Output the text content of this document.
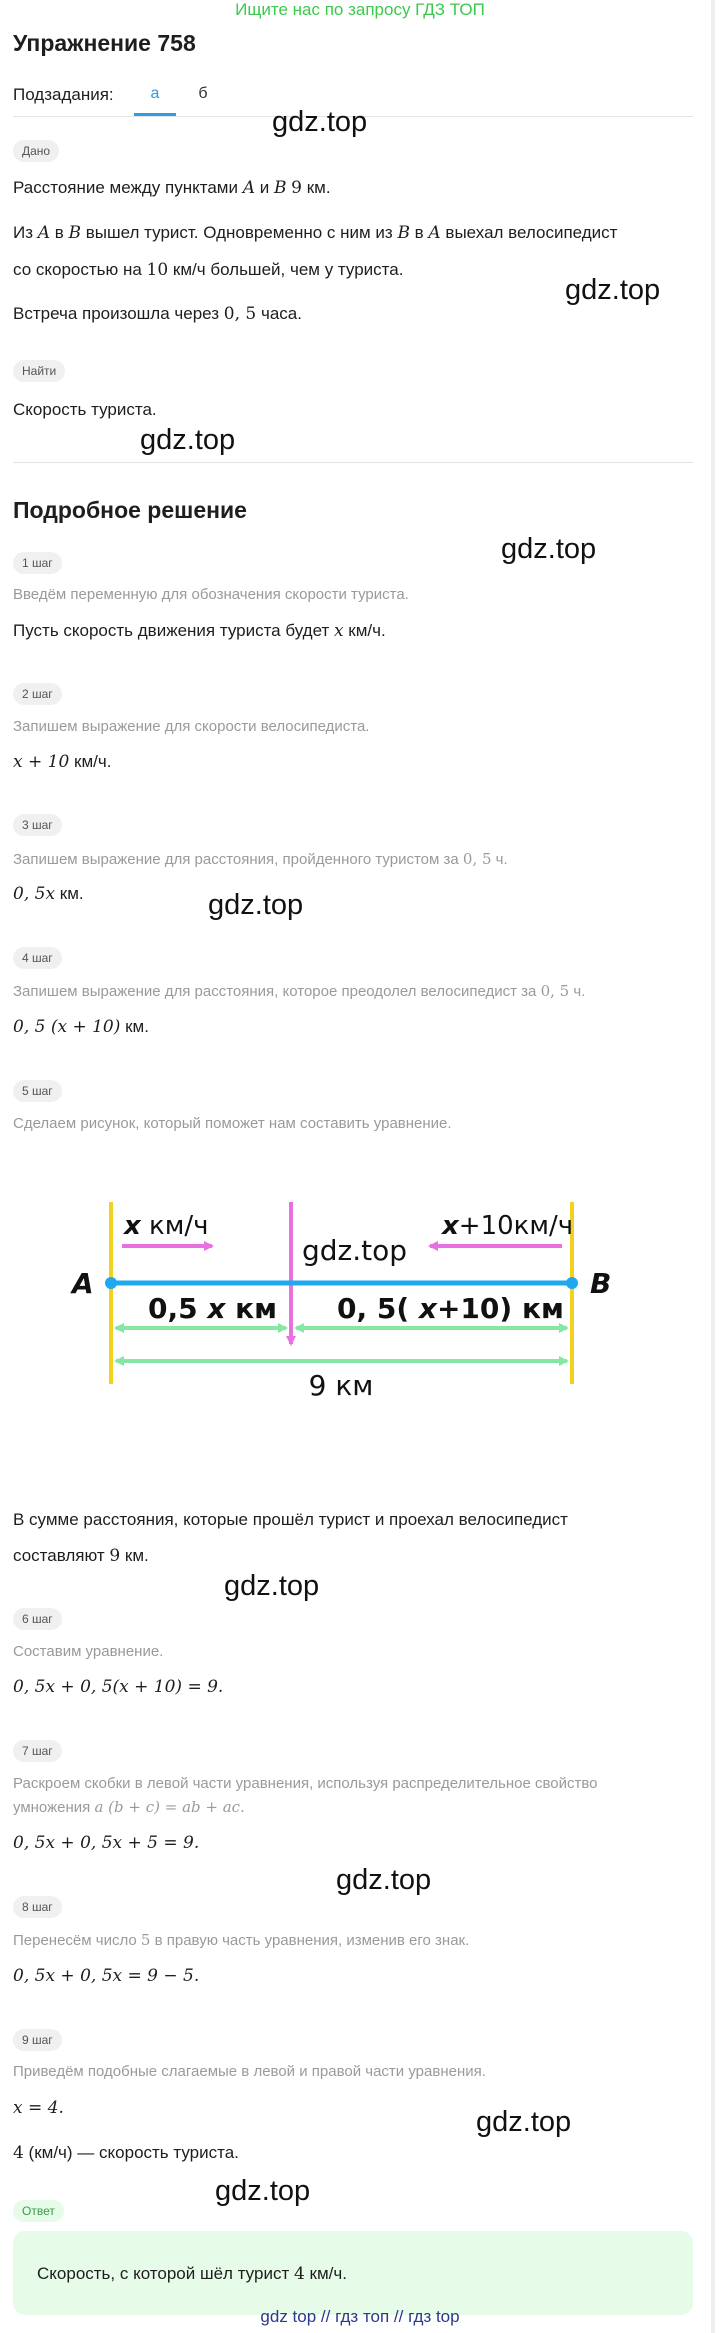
Ищите нас по запросу ГДЗ ТОП
Упражнение 758
Подзадания:	а	б
Дано
Расстояние между пунктами A и B 9 км.
Из A в B вышел турист. Одновременно с ним из B в A выехал велосипедист
со скоростью на 10 км/ч большей, чем у туриста.
Встреча произошла через 0, 5 часа.
Найти
Скорость туриста.
Подробное решение
1 шаг
Введём переменную для обозначения скорости туриста.
Пусть скорость движения туриста будет x км/ч.
2 шаг
Запишем выражение для скорости велосипедиста.
x + 10 км/ч.
3 шаг
Запишем выражение для расстояния, пройденного туристом за 0, 5 ч.
0, 5x км.
4 шаг
Запишем выражение для расстояния, которое преодолел велосипедист за 0, 5 ч.
0, 5 (x + 10) км.
5 шаг
Сделаем рисунок, который поможет нам составить уравнение.
A	B
x км/ч	x+10км/ч
gdz.top
0,5 x км 0, 5( x+10) км
9 км
В сумме расстояния, которые прошёл турист и проехал велосипедист
составляют 9 км.
6 шаг
Составим уравнение.
0, 5x + 0, 5(x + 10) = 9.
7 шаг
Раскроем скобки в левой части уравнения, используя распределительное свойство
умножения a (b + c) = ab + ac.
0, 5x + 0, 5x + 5 = 9.
8 шаг
Перенесём число 5 в правую часть уравнения, изменив его знак.
0, 5x + 0, 5x = 9 − 5.
9 шаг
Приведём подобные слагаемые в левой и правой части уравнения.
x = 4.
4 (км/ч) — скорость туриста.
Ответ
Скорость, с которой шёл турист 4 км/ч.
gdz.top
gdz.top
gdz.top
gdz.top
gdz.top
gdz.top
gdz.top
gdz.top
gdz.top
gdz top // гдз топ // гдз top
